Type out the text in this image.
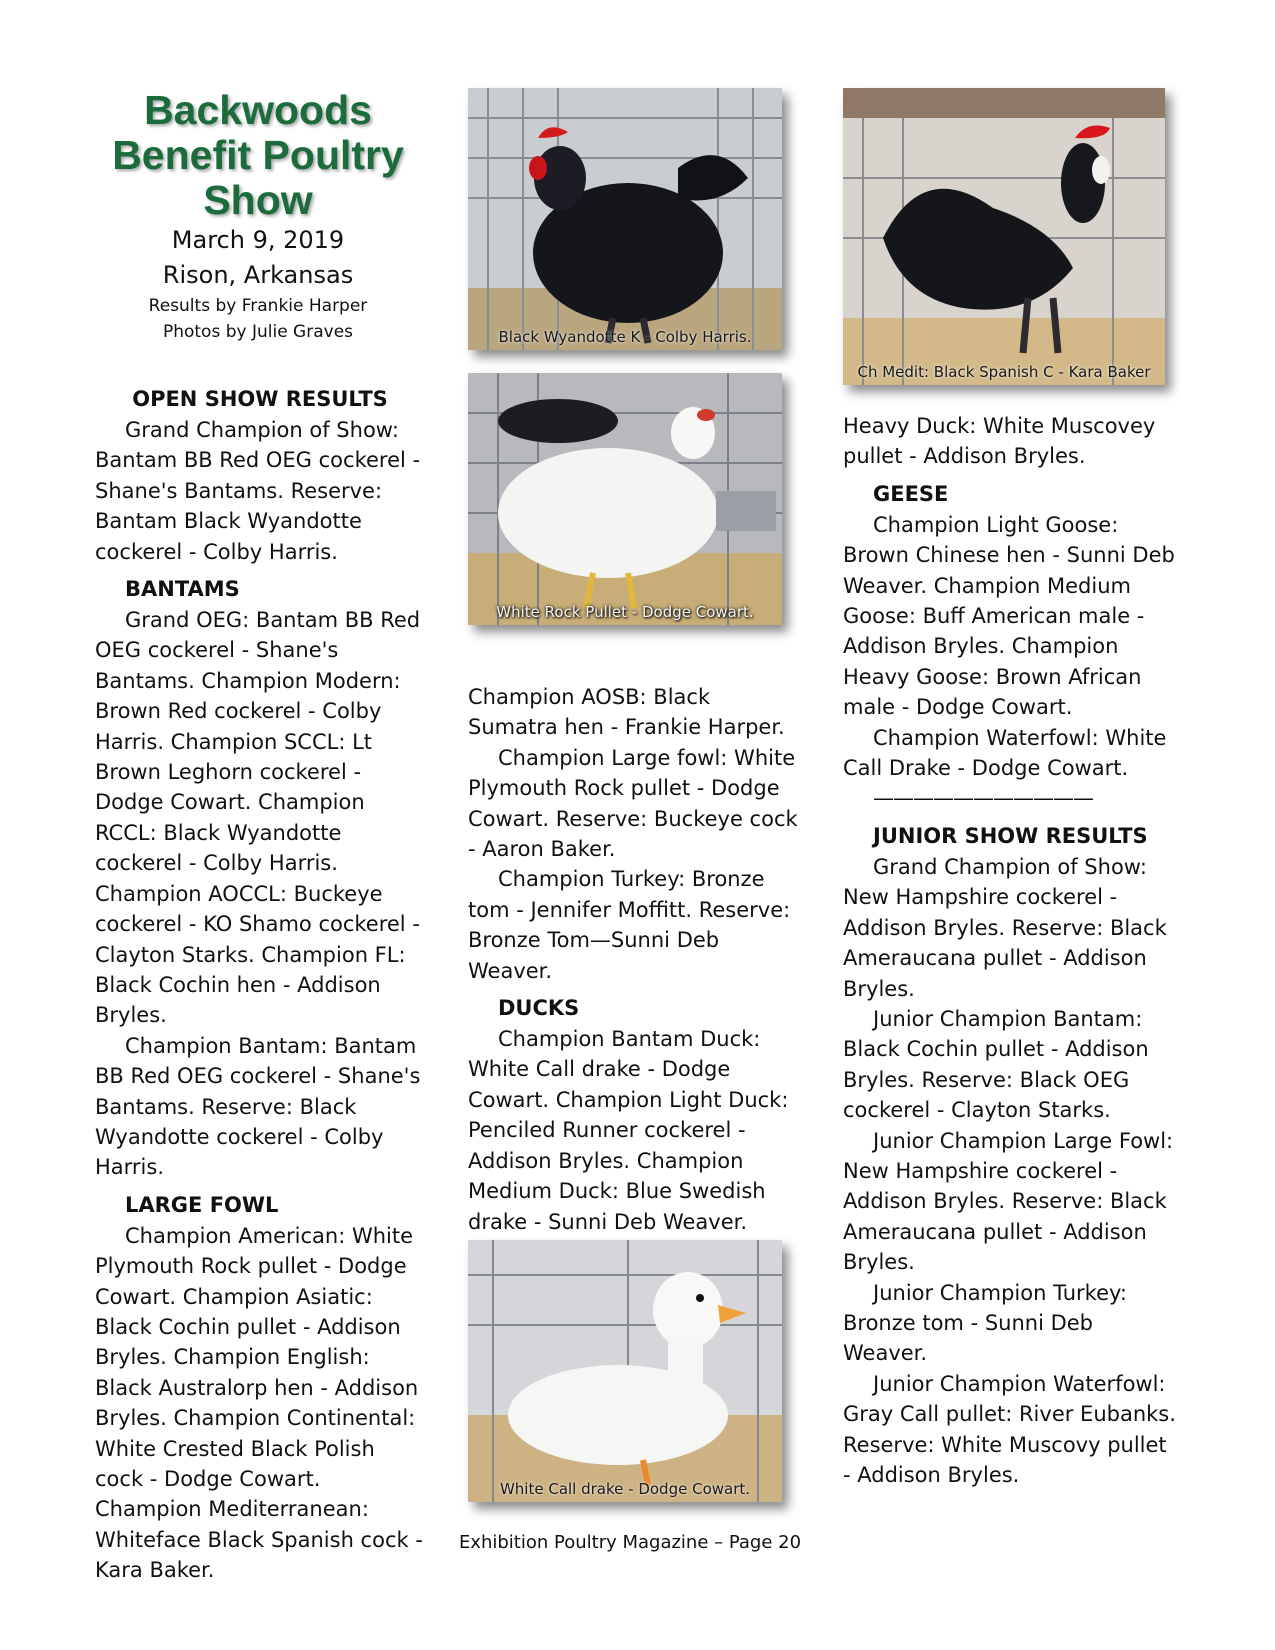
Backwoods Benefit Poultry Show
March 9, 2019
Rison, Arkansas
Results by Frankie Harper
Photos by Julie Graves

OPEN SHOW RESULTS

Grand Champion of Show: Bantam BB Red OEG cockerel - Shane's Bantams. Reserve: Bantam Black Wyandotte cockerel - Colby Harris.

BANTAMS

Grand OEG: Bantam BB Red OEG cockerel - Shane's Bantams. Champion Modern: Brown Red cockerel - Colby Harris. Champion SCCL: Lt Brown Leghorn cockerel - Dodge Cowart. Champion RCCL: Black Wyandotte cockerel - Colby Harris. Champion AOCCL: Buckeye cockerel - KO Shamo cockerel - Clayton Starks. Champion FL: Black Cochin hen - Addison Bryles.

Champion Bantam: Bantam BB Red OEG cockerel - Shane's Bantams. Reserve: Black Wyandotte cockerel - Colby Harris.

LARGE FOWL

Champion American: White Plymouth Rock pullet - Dodge Cowart. Champion Asiatic: Black Cochin pullet - Addison Bryles. Champion English: Black Australorp hen - Addison Bryles. Champion Continental: White Crested Black Polish cock - Dodge Cowart. Champion Mediterranean: Whiteface Black Spanish cock - Kara Baker.

Black Wyandotte K - Colby Harris.
White Rock Pullet - Dodge Cowart.

Champion AOSB: Black Sumatra hen - Frankie Harper.

Champion Large fowl: White Plymouth Rock pullet - Dodge Cowart. Reserve: Buckeye cock - Aaron Baker.

Champion Turkey: Bronze tom - Jennifer Moffitt. Reserve: Bronze Tom—Sunni Deb Weaver.

DUCKS

Champion Bantam Duck: White Call drake - Dodge Cowart. Champion Light Duck: Penciled Runner cockerel - Addison Bryles. Champion Medium Duck: Blue Swedish drake - Sunni Deb Weaver.

White Call drake - Dodge Cowart.
Ch Medit: Black Spanish C - Kara Baker

Heavy Duck: White Muscovey pullet - Addison Bryles.

GEESE

Champion Light Goose: Brown Chinese hen - Sunni Deb Weaver. Champion Medium Goose: Buff American male - Addison Bryles. Champion Heavy Goose: Brown African male - Dodge Cowart.

Champion Waterfowl: White Call Drake - Dodge Cowart.

———————————

JUNIOR SHOW RESULTS

Grand Champion of Show: New Hampshire cockerel - Addison Bryles. Reserve: Black Ameraucana pullet - Addison Bryles.

Junior Champion Bantam: Black Cochin pullet - Addison Bryles. Reserve: Black OEG cockerel - Clayton Starks.

Junior Champion Large Fowl: New Hampshire cockerel - Addison Bryles. Reserve: Black Ameraucana pullet - Addison Bryles.

Junior Champion Turkey: Bronze tom - Sunni Deb Weaver.

Junior Champion Waterfowl: Gray Call pullet: River Eubanks. Reserve: White Muscovy pullet - Addison Bryles.

Exhibition Poultry Magazine – Page 20
